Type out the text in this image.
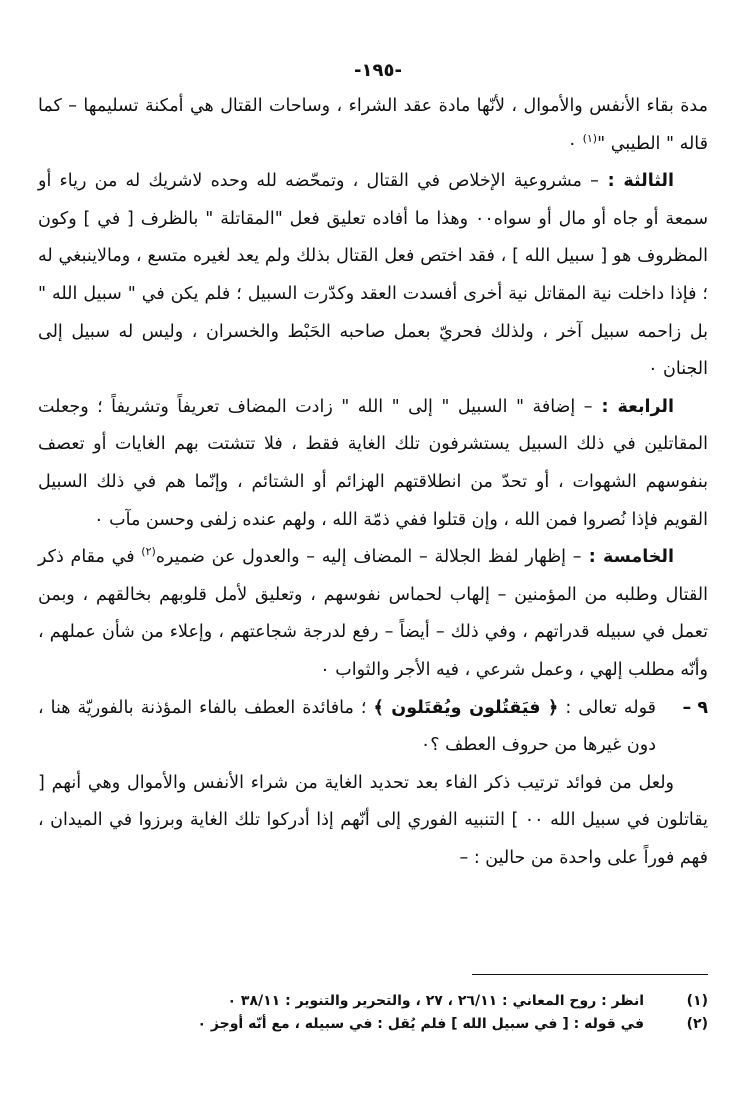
-١٩٥-

مدة بقاء الأنفس والأموال ، لأنّها مادة عقد الشراء ، وساحات القتال هي أمكنة تسليمها – كما قاله " الطيبي "$^{(١)}$ ٠

الثالثة : – مشروعية الإخلاص في القتال ، وتمحّضه لله وحده لاشريك له من رياء أو سمعة أو جاه أو مال أو سواه٠٠ وهذا ما أفاده تعليق فعل "المقاتلة " بالظرف [ في ] وكون المظروف هو [ سبيل الله ] ، فقد اختص فعل القتال بذلك ولم يعد لغيره متسع ، ومالاينبغي له ؛ فإذا داخلت نية المقاتل نية أخرى أفسدت العقد وكدّرت السبيل ؛ فلم يكن في " سبيل الله " بل زاحمه سبيل آخر ، ولذلك فحريّ بعمل صاحبه الحَبْط والخسران ، وليس له سبيل إلى الجنان ٠

الرابعة : – إضافة " السبيل " إلى " الله " زادت المضاف تعريفاً وتشريفاً ؛ وجعلت المقاتلين في ذلك السبيل يستشرفون تلك الغاية فقط ، فلا تتشتت بهم الغايات أو تعصف بنفوسهم الشهوات ، أو تحدّ من انطلاقتهم الهزائم أو الشتائم ، وإنّما هم في ذلك السبيل القويم فإذا نُصروا فمن الله ، وإن قتلوا ففي ذمّة الله ، ولهم عنده زلفى وحسن مآب ٠

الخامسة : – إظهار لفظ الجلالة – المضاف إليه – والعدول عن ضميره$^{(٢)}$ في مقام ذكر القتال وطلبه من المؤمنين – إلهاب لحماس نفوسهم ، وتعليق لأمل قلوبهم بخالقهم ، وبمن تعمل في سبيله قدراتهم ، وفي ذلك – أيضاً – رفع لدرجة شجاعتهم ، وإعلاء من شأن عملهم ، وأنّه مطلب إلهي ، وعمل شرعي ، فيه الأجر والثواب ٠

٩ –
قوله تعالى : ﴿ فيَقتُلون ويُقتَلون ﴾ ؛ مافائدة العطف بالفاء المؤذنة بالفوريّة هنا ، دون غيرها من حروف العطف ؟٠

ولعل من فوائد ترتيب ذكر الفاء بعد تحديد الغاية من شراء الأنفس والأموال وهي أنهم [ يقاتلون في سبيل الله ٠٠ ] التنبيه الفوري إلى أنّهم إذا أدركوا تلك الغاية وبرزوا في الميدان ، فهم فوراً على واحدة من حالين : –

(١)
انظر : روح المعاني : ٢٦/١١ ، ٢٧ ، والتحرير والتنوير : ٣٨/١١ ٠
(٢)
في قوله : [ في سبيل الله ] فلم يُقل : في سبيله ، مع أنّه أوجز ٠
